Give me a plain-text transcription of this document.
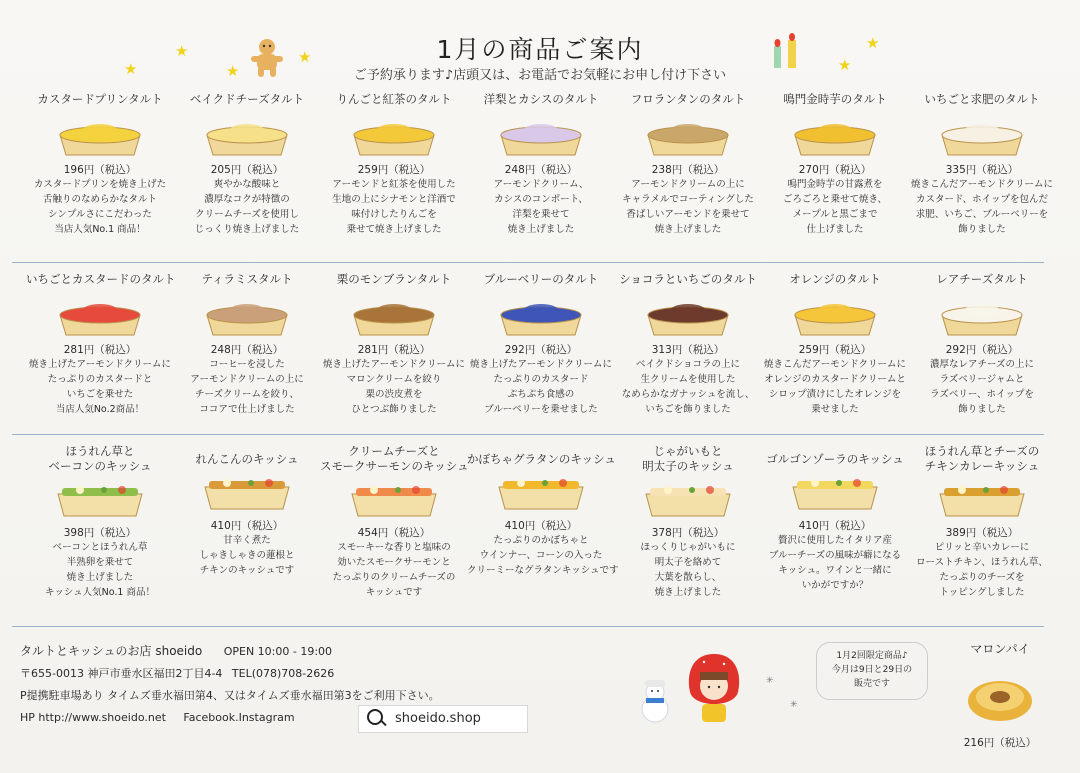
1月の商品ご案内
ご予約承ります♪店頭又は、お電話でお気軽にお申し付け下さい
★
★
★
★	★
★
カスタードプリンタルト
196円（税込）
カスタードプリンを焼き上げた
舌触りのなめらかなタルト
シンプルさにこだわった
当店人気No.1 商品！
ベイクドチーズタルト
205円（税込）
爽やかな酸味と
濃厚なコクが特徴の
クリームチーズを使用し
じっくり焼き上げました
りんごと紅茶のタルト
259円（税込）
アーモンドと紅茶を使用した
生地の上にシナモンと洋酒で
味付けしたりんごを
乗せて焼き上げました
洋梨とカシスのタルト
248円（税込）
アーモンドクリーム、
カシスのコンポート、
洋梨を乗せて
焼き上げました
フロランタンのタルト
238円（税込）
アーモンドクリームの上に
キャラメルでコーティングした
香ばしいアーモンドを乗せて
焼き上げました
鳴門金時芋のタルト
270円（税込）
鳴門金時芋の甘露煮を
ごろごろと乗せて焼き、
メープルと黒ごまで
仕上げました
いちごと求肥のタルト
335円（税込）
焼きこんだアーモンドクリームに
カスタード、ホイップを包んだ
求肥、いちご、ブルーベリーを
飾りました
いちごとカスタードのタルト
281円（税込）
焼き上げたアーモンドクリームに
たっぷりのカスタードと
いちごを乗せた
当店人気No.2商品！
ティラミスタルト
248円（税込）
コーヒーを浸した
アーモンドクリームの上に
チーズクリームを絞り、
ココアで仕上げました
栗のモンブランタルト
281円（税込）
焼き上げたアーモンドクリームに
マロンクリームを絞り
栗の渋皮煮を
ひとつぶ飾りました
ブルーベリーのタルト
292円（税込）
焼き上げたアーモンドクリームに
たっぷりのカスタード
ぷちぷち食感の
ブルーベリーを乗せました
ショコラといちごのタルト
313円（税込）
ベイクドショコラの上に
生クリームを使用した
なめらかなガナッシュを流し、
いちごを飾りました
オレンジのタルト
259円（税込）
焼きこんだアーモンドクリームに
オレンジのカスタードクリームと
シロップ漬けにしたオレンジを
乗せました
レアチーズタルト
292円（税込）
濃厚なレアチーズの上に
ラズベリージャムと
ラズベリー、ホイップを
飾りました
ほうれん草と
ベーコンのキッシュ
398円（税込）
ベーコンとほうれん草
半熟卵を乗せて
焼き上げました
キッシュ人気No.1 商品！
れんこんのキッシュ
410円（税込）
甘辛く煮た
しゃきしゃきの蓮根と
チキンのキッシュです
クリームチーズと
スモークサーモンのキッシュ
454円（税込）
スモーキーな香りと塩味の
効いたスモークサーモンと
たっぷりのクリームチーズの
キッシュです
かぼちゃグラタンのキッシュ
410円（税込）
たっぷりのかぼちゃと
ウインナー、コーンの入った
クリーミーなグラタンキッシュです
じゃがいもと
明太子のキッシュ
378円（税込）
ほっくりじゃがいもに
明太子を絡めて
大葉を散らし、
焼き上げました
ゴルゴンゾーラのキッシュ
410円（税込）
贅沢に使用したイタリア産
ブルーチーズの風味が癖になる
キッシュ。ワインと一緒に
いかがですか？
ほうれん草とチーズの
チキンカレーキッシュ
389円（税込）
ピリッと辛いカレーに
ローストチキン、ほうれん草、
たっぷりのチーズを
トッピングしました
タルトとキッシュのお店 shoeido OPEN 10:00 - 19:00
〒655-0013 神戸市垂水区福田2丁目4-4 TEL(078)708-2626
P提携駐車場あり タイムズ垂水福田第4、又はタイムズ垂水福田第3をご利用下さい。
HP http://www.shoeido.net Facebook.Instagram	shoeido.shop
✳
✳
1月2回限定商品♪
今月は9日と29日の
販売です
マロンパイ
216円（税込）
